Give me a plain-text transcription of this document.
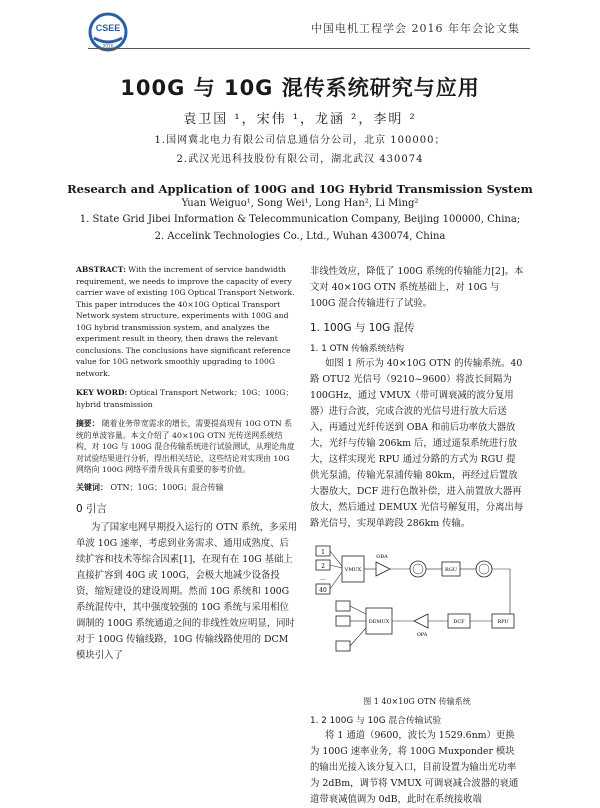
CSEE
2016
中国电机工程学会 2016 年年会论文集
100G 与 10G 混传系统研究与应用
袁卫国 ¹，宋伟 ¹，龙涵 ²，李明 ²
1.国网冀北电力有限公司信息通信分公司，北京 100000；
2.武汉光迅科技股份有限公司，湖北武汉 430074
Research and Application of 100G and 10G Hybrid Transmission System
Yuan Weiguo¹, Song Wei¹, Long Han², Li Ming²
1. State Grid Jibei Information & Telecommunication Company, Beijing 100000, China;
2. Accelink Technologies Co., Ltd., Wuhan 430074, China
ABSTRACT: With the increment of service bandwidth requirement, we needs to improve the capacity of every carrier wave of existing 10G Optical Transport Network. This paper introduces the 40×10G Optical Transport Network system structure, experiments with 100G and 10G hybrid transmission system, and analyzes the experiment result in theory, then draws the relevant conclusions. The conclusions have significant reference value for 10G network smoothly upgrading to 100G network.
KEY WORD: Optical Transport Network；10G；100G；hybrid transmission
摘要： 随着业务带宽需求的增长，需要提高现有 10G OTN 系统的单波容量。本文介绍了 40×10G OTN 光传送网系统结构，对 10G 与 100G 混合传输系统进行试验测试，从理论角度对试验结果进行分析，得出相关结论，这些结论对实现由 10G 网络向 100G 网络平滑升级具有重要的参考价值。
关键词： OTN；10G；100G；混合传输
0 引言
为了国家电网早期投入运行的 OTN 系统，多采用单波 10G 速率，考虑到业务需求、通用成熟度、后续扩容和技术等综合因素[1]，在现有在 10G 基础上直接扩容到 40G 或 100G，会极大地减少设备投资，缩短建设的建设周期。然而 10G 系统和 100G 系统混传中，其中强度较强的 10G 系统与采用相位调制的 100G 系统通道之间的非线性效应明显，同时对于 100G 传输线路，10G 传输线路使用的 DCM 模块引入了
非线性效应，降低了 100G 系统的传输能力[2]。本文对 40×10G OTN 系统基础上，对 10G 与 100G 混合传输进行了试验。
1. 100G 与 10G 混传
1. 1 OTN 传输系统结构
如图 1 所示为 40×10G OTN 的传输系统。40 路 OTU2 光信号（9210~9600）将波长间隔为 100GHz，通过 VMUX（带可调衰减的波分复用器）进行合波，完成合波的光信号进行放大后送入，再通过光纤传送到 OBA 和前后功率放大器放大，光纤与传输 206km 后，通过遥泵系统进行放大，这样实现光 RPU 通过分路的方式为 RGU 提供光泵浦，传输光泵浦传输 80km，再经过后置放大器放大，DCF 进行色散补偿，进入前置放大器再放大，然后通过 DEMUX 光信号解复用，分离出每路光信号，实现单跨段 286km 传输。
1
2
...
40
VMUX
OBA
RGU
RPU
DCF
OPA
DEMUX
图 1 40×10G OTN 传输系统
1. 2 100G 与 10G 混合传输试验
将 1 通道（9600，波长为 1529.6nm）更换为 100G 速率业务，将 100G Muxponder 模块的输出光接入该分复入口，目前设置为输出光功率为 2dBm，调节将 VMUX 可调衰减合波器的衰通道带衰减值调为 0dB，此时在系统接收端
